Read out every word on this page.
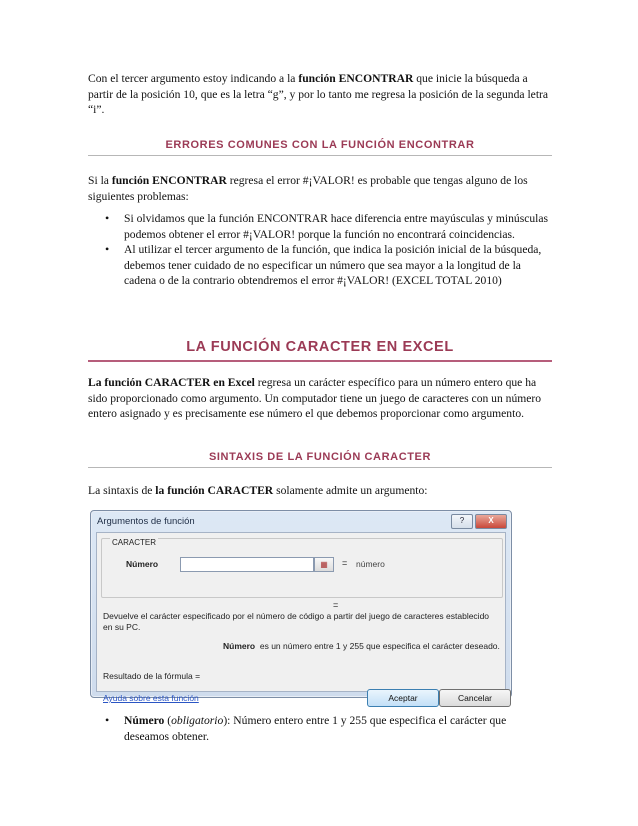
Con el tercer argumento estoy indicando a la función ENCONTRAR que inicie la búsqueda a partir de la posición 10, que es la letra “g”, y por lo tanto me regresa la posición de la segunda letra “i”.

ERRORES COMUNES CON LA FUNCIÓN ENCONTRAR

Si la función ENCONTRAR regresa el error #¡VALOR! es probable que tengas alguno de los siguientes problemas:

• Si olvidamos que la función ENCONTRAR hace diferencia entre mayúsculas y minúsculas podemos obtener el error #¡VALOR! porque la función no encontrará coincidencias.
• Al utilizar el tercer argumento de la función, que indica la posición inicial de la búsqueda, debemos tener cuidado de no especificar un número que sea mayor a la longitud de la cadena o de la contrario obtendremos el error #¡VALOR! (EXCEL TOTAL 2010)
LA FUNCIÓN CARACTER EN EXCEL

La función CARACTER en Excel regresa un carácter específico para un número entero que ha sido proporcionado como argumento. Un computador tiene un juego de caracteres con un número entero asignado y es precisamente ese número el que debemos proporcionar como argumento.

SINTAXIS DE LA FUNCIÓN CARACTER

La sintaxis de la función CARACTER solamente admite un argumento:

• Número (obligatorio): Número entero entre 1 y 255 que especifica el carácter que deseamos obtener.
Argumentos de función	?	X
CARACTER
Número	▦	= número
=
Devuelve el carácter especificado por el número de código a partir del juego de caracteres establecido en su PC.
Número es un número entre 1 y 255 que especifica el carácter deseado.
Resultado de la fórmula =
Ayuda sobre esta función	Aceptar	Cancelar
